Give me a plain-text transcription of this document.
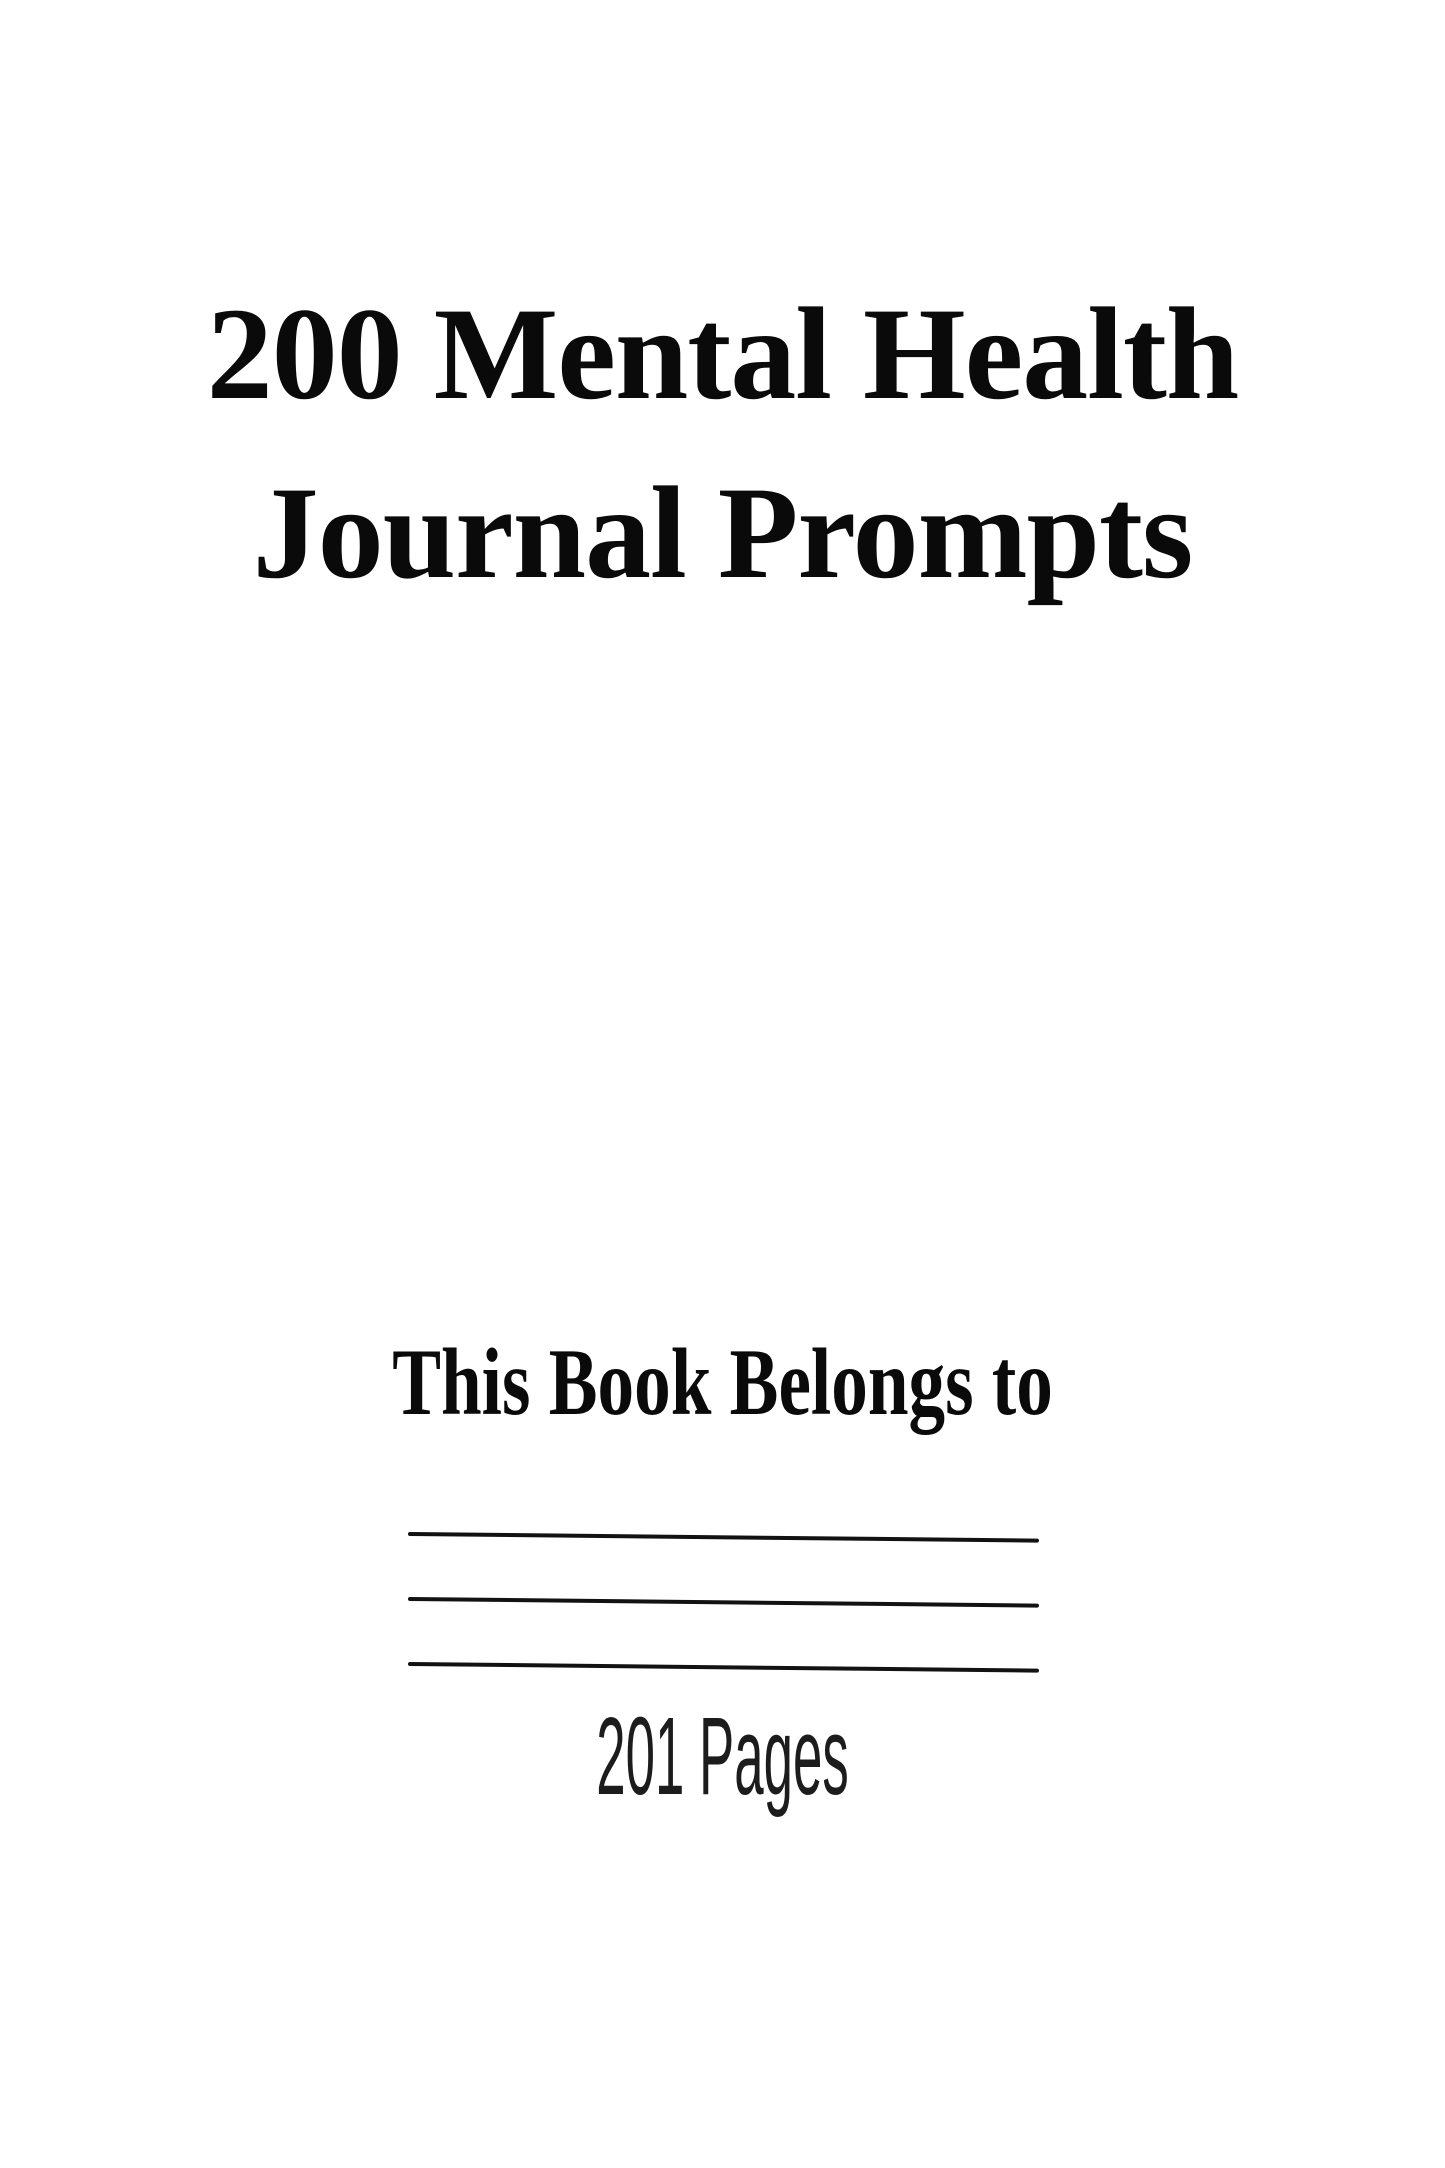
200 Mental Health
Journal Prompts
This Book Belongs to
201 Pages
